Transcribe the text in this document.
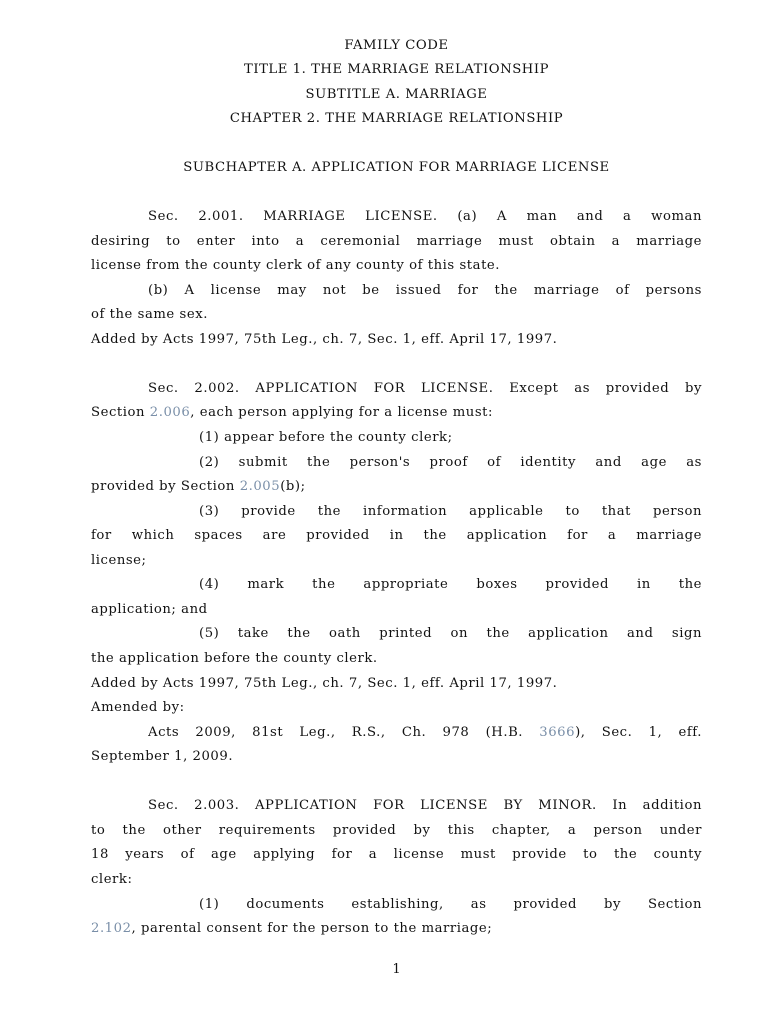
FAMILY CODE
TITLE 1. THE MARRIAGE RELATIONSHIP
SUBTITLE A. MARRIAGE
CHAPTER 2. THE MARRIAGE RELATIONSHIP
SUBCHAPTER A. APPLICATION FOR MARRIAGE LICENSE
Sec. 2.001. MARRIAGE LICENSE. (a) A man and a woman
desiring to enter into a ceremonial marriage must obtain a marriage
license from the county clerk of any county of this state.
(b) A license may not be issued for the marriage of persons
of the same sex.
Added by Acts 1997, 75th Leg., ch. 7, Sec. 1, eff. April 17, 1997.
Sec. 2.002. APPLICATION FOR LICENSE. Except as provided by
Section 2.006, each person applying for a license must:
(1) appear before the county clerk;
(2) submit the person's proof of identity and age as
provided by Section 2.005(b);
(3) provide the information applicable to that person
for which spaces are provided in the application for a marriage
license;
(4) mark the appropriate boxes provided in the
application; and
(5) take the oath printed on the application and sign
the application before the county clerk.
Added by Acts 1997, 75th Leg., ch. 7, Sec. 1, eff. April 17, 1997.
Amended by:
Acts 2009, 81st Leg., R.S., Ch. 978 (H.B. 3666), Sec. 1, eff.
September 1, 2009.
Sec. 2.003. APPLICATION FOR LICENSE BY MINOR. In addition
to the other requirements provided by this chapter, a person under
18 years of age applying for a license must provide to the county
clerk:
(1) documents establishing, as provided by Section
2.102, parental consent for the person to the marriage;
1
